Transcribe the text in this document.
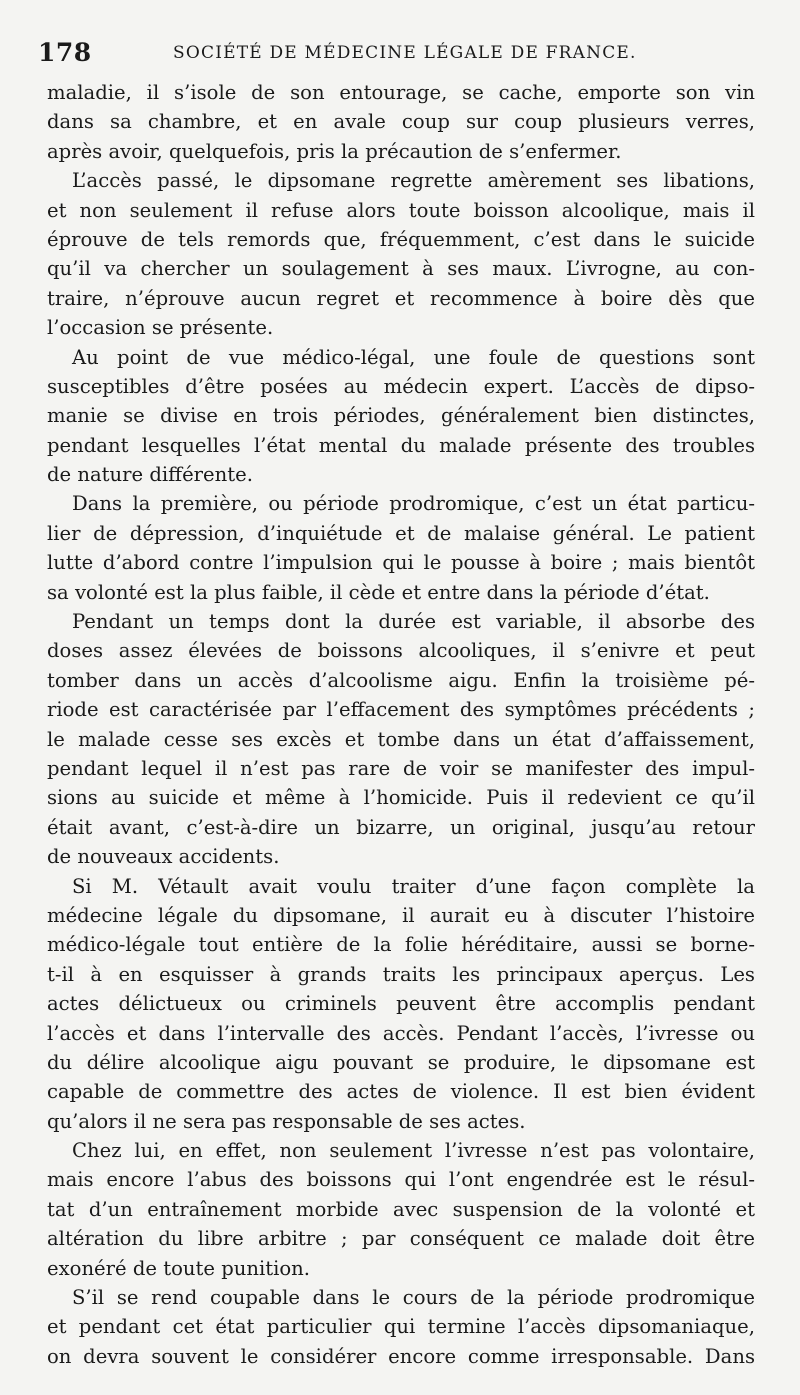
178	SOCIÉTÉ DE MÉDECINE LÉGALE DE FRANCE.
maladie, il s’isole de son entourage, se cache, emporte son vin
dans sa chambre, et en avale coup sur coup plusieurs verres,
après avoir, quelquefois, pris la précaution de s’enfermer.
L’accès passé, le dipsomane regrette amèrement ses libations,
et non seulement il refuse alors toute boisson alcoolique, mais il
éprouve de tels remords que, fréquemment, c’est dans le suicide
qu’il va chercher un soulagement à ses maux. L’ivrogne, au con-
traire, n’éprouve aucun regret et recommence à boire dès que
l’occasion se présente.
Au point de vue médico-légal, une foule de questions sont
susceptibles d’être posées au médecin expert. L’accès de dipso-
manie se divise en trois périodes, généralement bien distinctes,
pendant lesquelles l’état mental du malade présente des troubles
de nature différente.
Dans la première, ou période prodromique, c’est un état particu-
lier de dépression, d’inquiétude et de malaise général. Le patient
lutte d’abord contre l’impulsion qui le pousse à boire ; mais bientôt
sa volonté est la plus faible, il cède et entre dans la période d’état.
Pendant un temps dont la durée est variable, il absorbe des
doses assez élevées de boissons alcooliques, il s’enivre et peut
tomber dans un accès d’alcoolisme aigu. Enfin la troisième pé-
riode est caractérisée par l’effacement des symptômes précédents ;
le malade cesse ses excès et tombe dans un état d’affaissement,
pendant lequel il n’est pas rare de voir se manifester des impul-
sions au suicide et même à l’homicide. Puis il redevient ce qu’il
était avant, c’est-à-dire un bizarre, un original, jusqu’au retour
de nouveaux accidents.
Si M. Vétault avait voulu traiter d’une façon complète la
médecine légale du dipsomane, il aurait eu à discuter l’histoire
médico-légale tout entière de la folie héréditaire, aussi se borne-
t-il à en esquisser à grands traits les principaux aperçus. Les
actes délictueux ou criminels peuvent être accomplis pendant
l’accès et dans l’intervalle des accès. Pendant l’accès, l’ivresse ou
du délire alcoolique aigu pouvant se produire, le dipsomane est
capable de commettre des actes de violence. Il est bien évident
qu’alors il ne sera pas responsable de ses actes.
Chez lui, en effet, non seulement l’ivresse n’est pas volontaire,
mais encore l’abus des boissons qui l’ont engendrée est le résul-
tat d’un entraînement morbide avec suspension de la volonté et
altération du libre arbitre ; par conséquent ce malade doit être
exonéré de toute punition.
S’il se rend coupable dans le cours de la période prodromique
et pendant cet état particulier qui termine l’accès dipsomaniaque,
on devra souvent le considérer encore comme irresponsable. Dans
